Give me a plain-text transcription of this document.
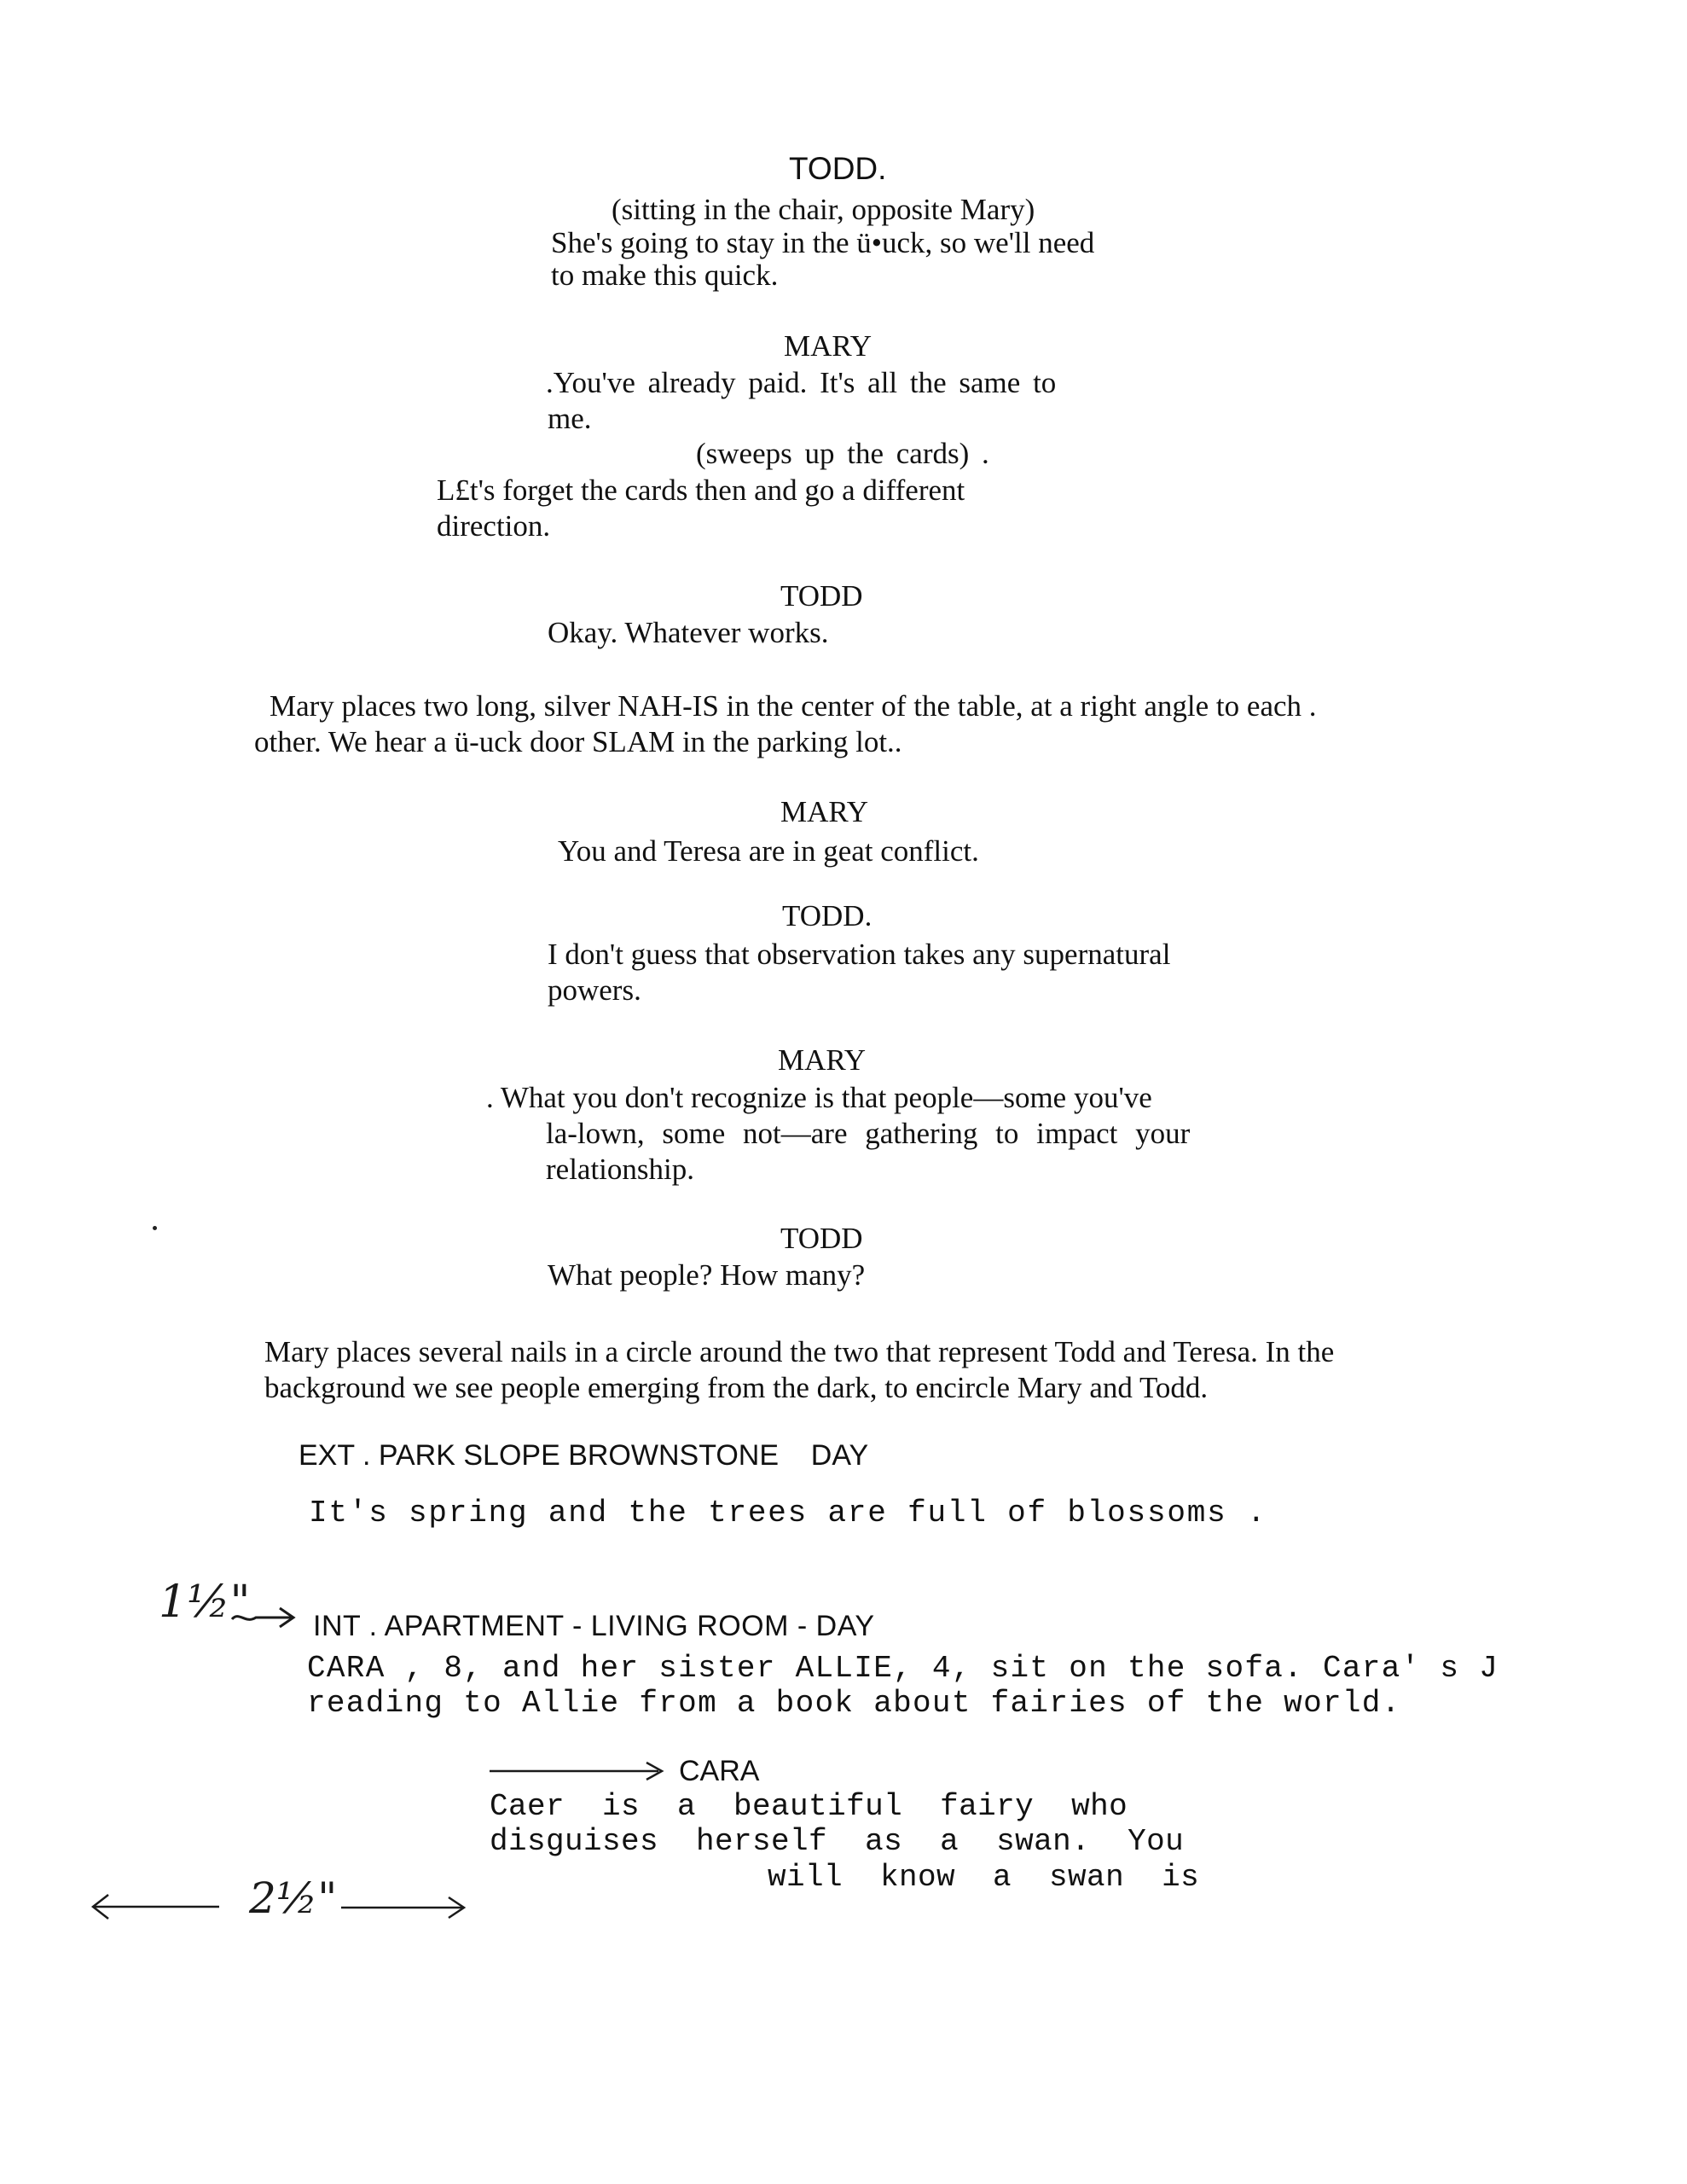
TODD.
(sitting in the chair, opposite Mary)
She's going to stay in the ü•uck, so we'll need
to make this quick.
MARY
.You've already paid. It's all the same to
me.
(sweeps up the cards) .
L£t's forget the cards then and go a different
direction.
TODD
Okay. Whatever works.
Mary places two long, silver NAH-IS in the center of the table, at a right angle to each .
other. We hear a ü-uck door SLAM in the parking lot..
MARY
You and Teresa are in geat conflict.
TODD.
I don't guess that observation takes any supernatural
powers.
MARY
. What you don't recognize is that people—some you've
la-lown, some not—are gathering to impact your
relationship.
TODD
What people? How many?
Mary places several nails in a circle around the two that represent Todd and Teresa. In the
background we see people emerging from the dark, to encircle Mary and Todd.
EXT . PARK SLOPE BROWNSTONE    DAY
It's spring and the trees are full of blossoms .
1½" INT . APARTMENT - LIVING ROOM - DAY
CARA , 8, and her sister ALLIE, 4, sit on the sofa. Cara' s J
reading to Allie from a book about fairies of the world.
CARA
Caer  is  a  beautiful  fairy  who
disguises  herself  as  a  swan.  You
will  know  a  swan  is
2½"
